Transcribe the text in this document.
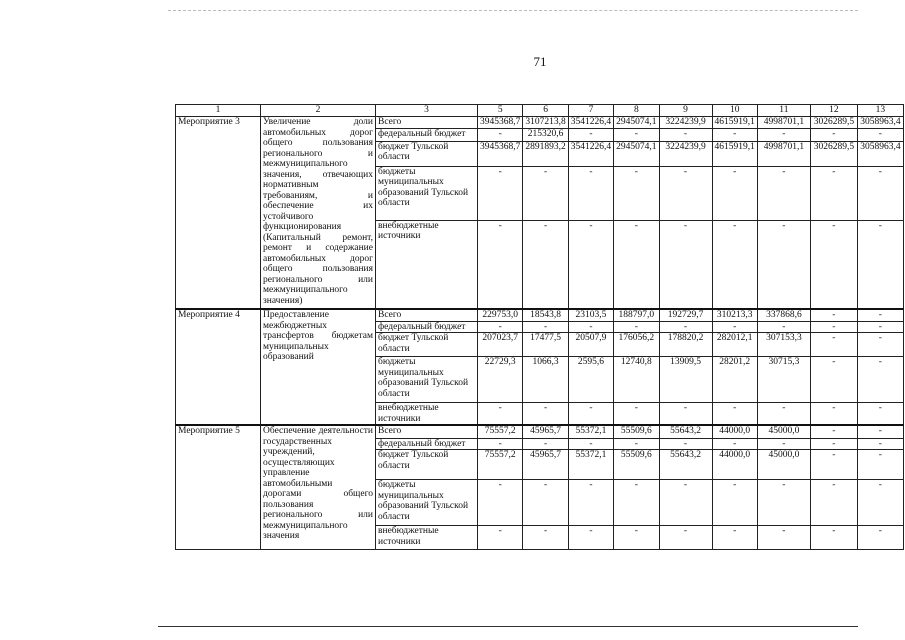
71
1	2	3	5	6	7	8	9	10	11	12	13
Мероприятие 3	Увеличение доли автомобильных дорог общего пользования регионального и межмуниципального значения, отвечающих нормативным требованиям, и обеспечение их устойчивого функционирования (Капитальный ремонт, ремонт и содержание автомобильных дорог общего пользования регионального или межмуниципального значения)	Всего	3945368,7	3107213,8	3541226,4	2945074,1	3224239,9	4615919,1	4998701,1	3026289,5	3058963,4
		федеральный бюджет	-	215320,6	-	-	-	-	-	-	-
		бюджет Тульской области	3945368,7	2891893,2	3541226,4	2945074,1	3224239,9	4615919,1	4998701,1	3026289,5	3058963,4
		бюджеты муниципальных образований Тульской области	-	-	-	-	-	-	-	-	-
		внебюджетные источники	-	-	-	-	-	-	-	-	-
Мероприятие 4	Предоставление межбюджетных трансфертов бюджетам муниципальных образований	Всего	229753,0	18543,8	23103,5	188797,0	192729,7	310213,3	337868,6	-	-
		федеральный бюджет	-	-	-	-	-	-	-	-	-
		бюджет Тульской области	207023,7	17477,5	20507,9	176056,2	178820,2	282012,1	307153,3	-	-
		бюджеты муниципальных образований Тульской области	22729,3	1066,3	2595,6	12740,8	13909,5	28201,2	30715,3	-	-
		внебюджетные источники	-	-	-	-	-	-	-	-	-
Мероприятие 5	Обеспечение деятельности государственных учреждений, осуществляющих управление автомобильными дорогами общего пользования регионального или межмуниципального значения	Всего	75557,2	45965,7	55372,1	55509,6	55643,2	44000,0	45000,0	-	-
		федеральный бюджет	-	-	-	-	-	-	-	-	-
		бюджет Тульской области	75557,2	45965,7	55372,1	55509,6	55643,2	44000,0	45000,0	-	-
		бюджеты муниципальных образований Тульской области	-	-	-	-	-	-	-	-	-
		внебюджетные источники	-	-	-	-	-	-	-	-	-
